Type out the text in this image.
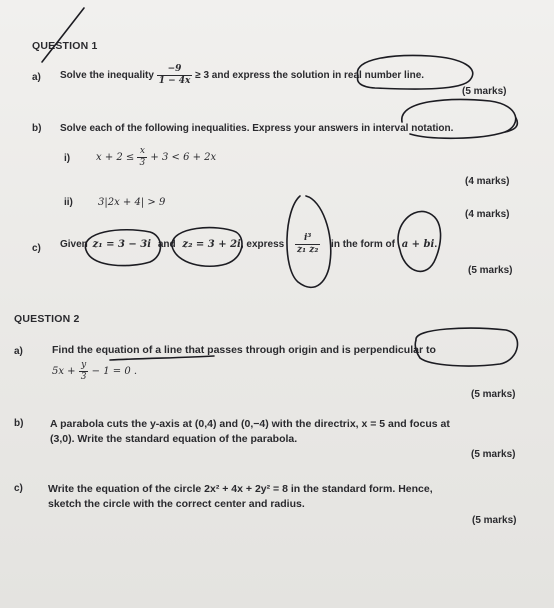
QUESTION 1
a) Solve the inequality $\frac{-9}{1 - 4x} \ge 3$ and express the solution in real number line.
(5 marks)
b) Solve each of the following inequalities. Express your answers in interval notation.
i)	$x + 2 \le \frac{x}{3} + 3 < 6 + 2x$
(4 marks)
ii)	3|2x + 4| > 9
(4 marks)
c) Given z₁ = 3 − 3i and z₂ = 3 + 2i, express $\frac{\text{i³}}{\text{z₁ z₂}}$ in the form of a + bi.
(5 marks)
QUESTION 2
a)	Find the equation of a line that passes through origin and is perpendicular to
$5x + \frac{y}{3} - 1 = 0$ .
(5 marks)
b)	A parabola cuts the y-axis at (0,4) and (0,−4) with the directrix, x = 5 and focus at
(3,0). Write the standard equation of the parabola.
(5 marks)
c) Write the equation of the circle 2x² + 4x + 2y² = 8 in the standard form. Hence,
sketch the circle with the correct center and radius.
(5 marks)
